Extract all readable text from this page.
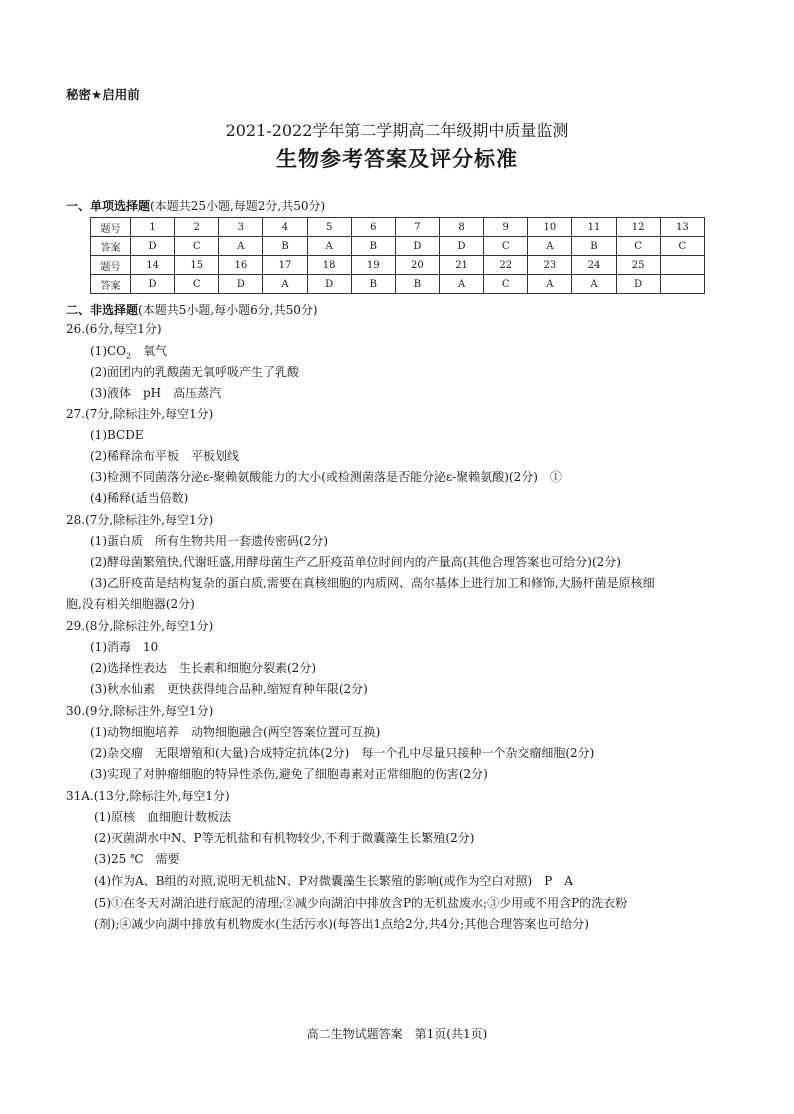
秘密★启用前
2021-2022学年第二学期高二年级期中质量监测
生物参考答案及评分标准
一、单项选择题(本题共25小题,每题2分,共50分)
题号	1	2	3	4	5	6	7	8	9	10	11	12	13
答案	D	C	A	B	A	B	D	D	C	A	B	C	C
题号	14	15	16	17	18	19	20	21	22	23	24	25	
答案	D	C	D	A	D	B	B	A	C	A	A	D	
二、非选择题(本题共5小题,每小题6分,共50分)
26.(6分,每空1分)
$(1)CO_2$　 氧气
(2)面团内的乳酸菌无氧呼吸产生了乳酸
(3)液体　pH　高压蒸汽
27.(7分,除标注外,每空1分)
(1)BCDE
(2)稀释涂布平板　平板划线
(3)检测不同菌落分泌ε-聚赖氨酸能力的大小(或检测菌落是否能分泌ε-聚赖氨酸)(2分)　①
(4)稀释(适当倍数)
28.(7分,除标注外,每空1分)
(1)蛋白质　所有生物共用一套遗传密码(2分)
(2)酵母菌繁殖快,代谢旺盛,用酵母菌生产乙肝疫苗单位时间内的产量高(其他合理答案也可给分)(2分)
(3)乙肝疫苗是结构复杂的蛋白质,需要在真核细胞的内质网、高尔基体上进行加工和修饰,大肠杆菌是原核细
胞,没有相关细胞器(2分)
29.(8分,除标注外,每空1分)
(1)消毒　10
(2)选择性表达　生长素和细胞分裂素(2分)
(3)秋水仙素　更快获得纯合品种,缩短育种年限(2分)
30.(9分,除标注外,每空1分)
(1)动物细胞培养　动物细胞融合(两空答案位置可互换)
(2)杂交瘤　无限增殖和(大量)合成特定抗体(2分)　每一个孔中尽量只接种一个杂交瘤细胞(2分)
(3)实现了对肿瘤细胞的特异性杀伤,避免了细胞毒素对正常细胞的伤害(2分)
31A.(13分,除标注外,每空1分)
(1)原核　血细胞计数板法
(2)灭菌湖水中N、P等无机盐和有机物较少,不利于微囊藻生长繁殖(2分)
(3)25 ℃　需要
(4)作为A、B组的对照,说明无机盐N、P对微囊藻生长繁殖的影响(或作为空白对照)　P　A
(5)①在冬天对湖泊进行底泥的清理;②减少向湖泊中排放含P的无机盐废水;③少用或不用含P的洗衣粉
(剂);④减少向湖中排放有机物废水(生活污水)(每答出1点给2分,共4分;其他合理答案也可给分)
高二生物试题答案　第1页(共1页)
